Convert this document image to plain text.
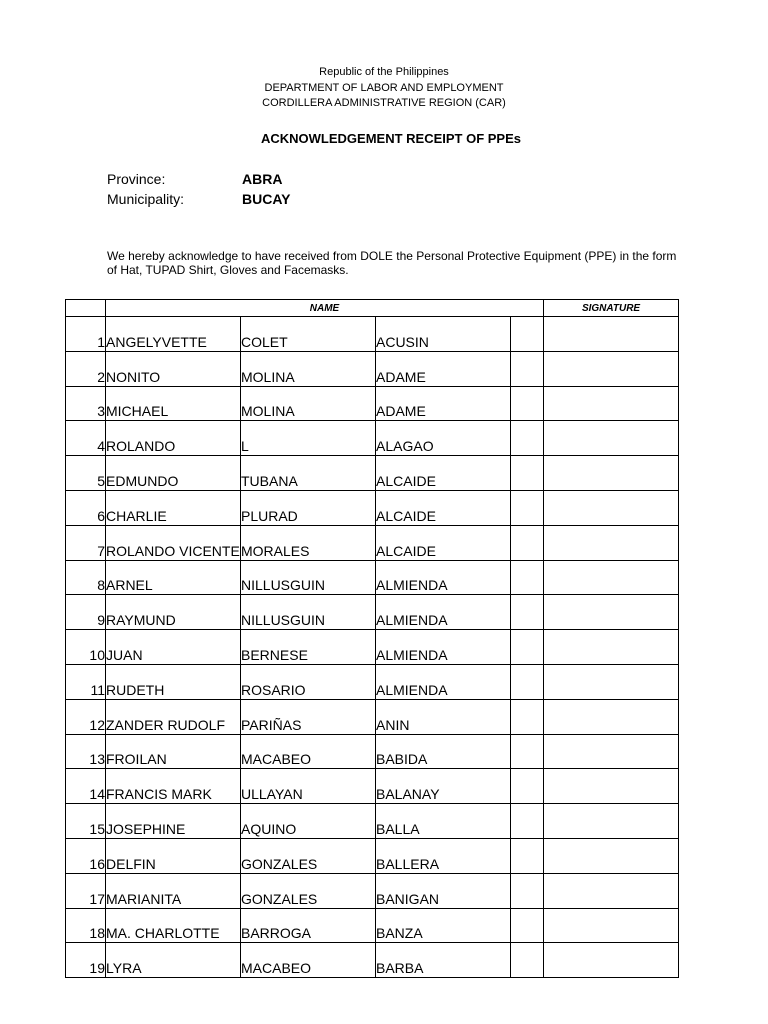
Republic of the Philippines
DEPARTMENT OF LABOR AND EMPLOYMENT
CORDILLERA ADMINISTRATIVE REGION (CAR)
ACKNOWLEDGEMENT RECEIPT OF PPEs
Province:	ABRA
Municipality:	BUCAY
We hereby acknowledge to have received from DOLE the Personal Protective Equipment (PPE) in the form of Hat, TUPAD Shirt, Gloves and Facemasks.
	NAME				SIGNATURE
1	ANGELYVETTE	COLET	ACUSIN		
2	NONITO	MOLINA	ADAME		
3	MICHAEL	MOLINA	ADAME		
4	ROLANDO	L	ALAGAO		
5	EDMUNDO	TUBANA	ALCAIDE		
6	CHARLIE	PLURAD	ALCAIDE		
7	ROLANDO VICENTE	MORALES	ALCAIDE		
8	ARNEL	NILLUSGUIN	ALMIENDA		
9	RAYMUND	NILLUSGUIN	ALMIENDA		
10	JUAN	BERNESE	ALMIENDA		
11	RUDETH	ROSARIO	ALMIENDA		
12	ZANDER RUDOLF	PARIÑAS	ANIN		
13	FROILAN	MACABEO	BABIDA		
14	FRANCIS MARK	ULLAYAN	BALANAY		
15	JOSEPHINE	AQUINO	BALLA		
16	DELFIN	GONZALES	BALLERA		
17	MARIANITA	GONZALES	BANIGAN		
18	MA. CHARLOTTE	BARROGA	BANZA		
19	LYRA	MACABEO	BARBA		
